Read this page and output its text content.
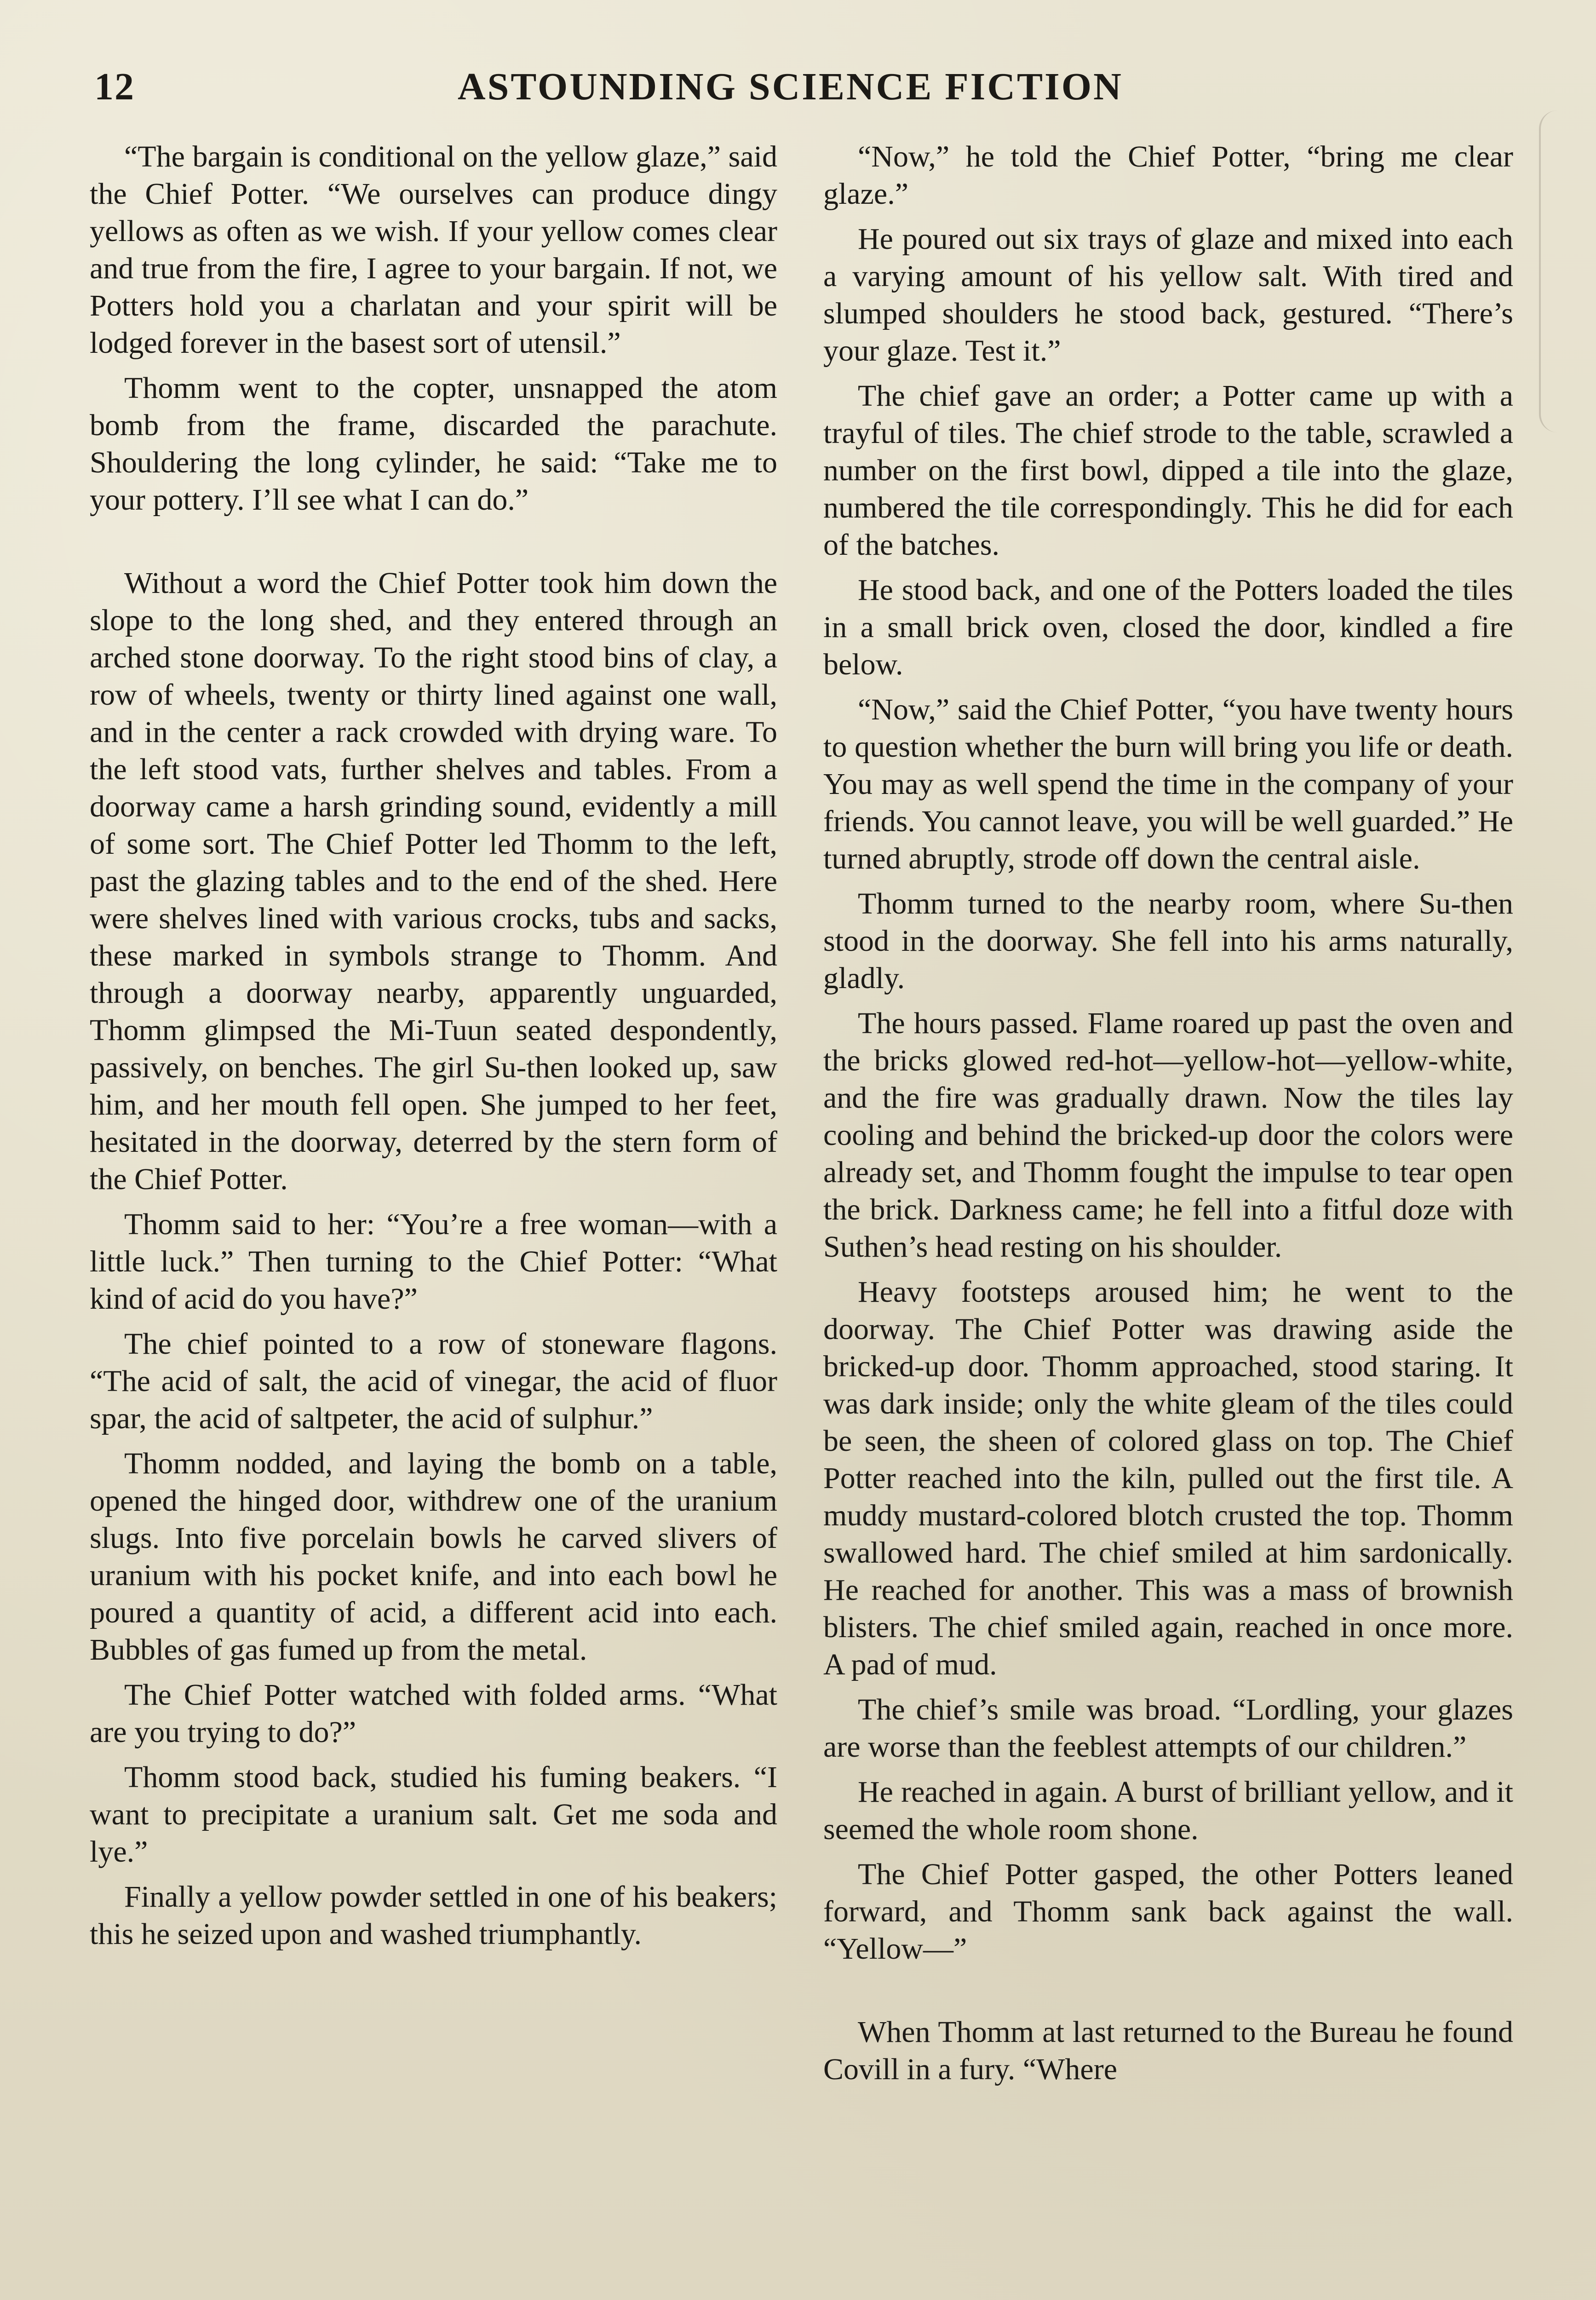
12	ASTOUNDING SCIENCE FICTION

“The bargain is conditional on the yellow glaze,” said the Chief Potter. “We ourselves can produce dingy yellows as often as we wish. If your yellow comes clear and true from the fire, I agree to your bargain. If not, we Potters hold you a charlatan and your spirit will be lodged forever in the basest sort of utensil.”

Thomm went to the copter, unsnapped the atom bomb from the frame, discarded the parachute. Shouldering the long cylinder, he said: “Take me to your pottery. I’ll see what I can do.”

Without a word the Chief Potter took him down the slope to the long shed, and they entered through an arched stone doorway. To the right stood bins of clay, a row of wheels, twenty or thirty lined against one wall, and in the center a rack crowded with drying ware. To the left stood vats, further shelves and tables. From a doorway came a harsh grinding sound, evidently a mill of some sort. The Chief Potter led Thomm to the left, past the glazing tables and to the end of the shed. Here were shelves lined with various crocks, tubs and sacks, these marked in symbols strange to Thomm. And through a doorway nearby, apparently unguarded, Thomm glimpsed the Mi-Tuun seated despondently, passively, on benches. The girl Su-then looked up, saw him, and her mouth fell open. She jumped to her feet, hesitated in the doorway, deterred by the stern form of the Chief Potter.

Thomm said to her: “You’re a free woman—with a little luck.” Then turning to the Chief Potter: “What kind of acid do you have?”

The chief pointed to a row of stoneware flagons. “The acid of salt, the acid of vinegar, the acid of fluor spar, the acid of saltpeter, the acid of sulphur.”

Thomm nodded, and laying the bomb on a table, opened the hinged door, withdrew one of the uranium slugs. Into five porcelain bowls he carved slivers of uranium with his pocket knife, and into each bowl he poured a quantity of acid, a different acid into each. Bubbles of gas fumed up from the metal.

The Chief Potter watched with folded arms. “What are you trying to do?”

Thomm stood back, studied his fuming beakers. “I want to precipitate a uranium salt. Get me soda and lye.”

Finally a yellow powder settled in one of his beakers; this he seized upon and washed triumphantly.

“Now,” he told the Chief Potter, “bring me clear glaze.”

He poured out six trays of glaze and mixed into each a varying amount of his yellow salt. With tired and slumped shoulders he stood back, gestured. “There’s your glaze. Test it.”

The chief gave an order; a Potter came up with a trayful of tiles. The chief strode to the table, scrawled a number on the first bowl, dipped a tile into the glaze, numbered the tile correspondingly. This he did for each of the batches.

He stood back, and one of the Potters loaded the tiles in a small brick oven, closed the door, kindled a fire below.

“Now,” said the Chief Potter, “you have twenty hours to question whether the burn will bring you life or death. You may as well spend the time in the company of your friends. You cannot leave, you will be well guarded.” He turned abruptly, strode off down the central aisle.

Thomm turned to the nearby room, where Su-then stood in the doorway. She fell into his arms naturally, gladly.

The hours passed. Flame roared up past the oven and the bricks glowed red-hot—yellow-hot—yellow-white, and the fire was gradually drawn. Now the tiles lay cooling and behind the bricked-up door the colors were already set, and Thomm fought the impulse to tear open the brick. Darkness came; he fell into a fitful doze with Suthen’s head resting on his shoulder.

Heavy footsteps aroused him; he went to the doorway. The Chief Potter was drawing aside the bricked-up door. Thomm approached, stood staring. It was dark inside; only the white gleam of the tiles could be seen, the sheen of colored glass on top. The Chief Potter reached into the kiln, pulled out the first tile. A muddy mustard-colored blotch crusted the top. Thomm swallowed hard. The chief smiled at him sardonically. He reached for another. This was a mass of brownish blisters. The chief smiled again, reached in once more. A pad of mud.

The chief’s smile was broad. “Lordling, your glazes are worse than the feeblest attempts of our children.”

He reached in again. A burst of brilliant yellow, and it seemed the whole room shone.

The Chief Potter gasped, the other Potters leaned forward, and Thomm sank back against the wall. “Yellow—”

When Thomm at last returned to the Bureau he found Covill in a fury. “Where
